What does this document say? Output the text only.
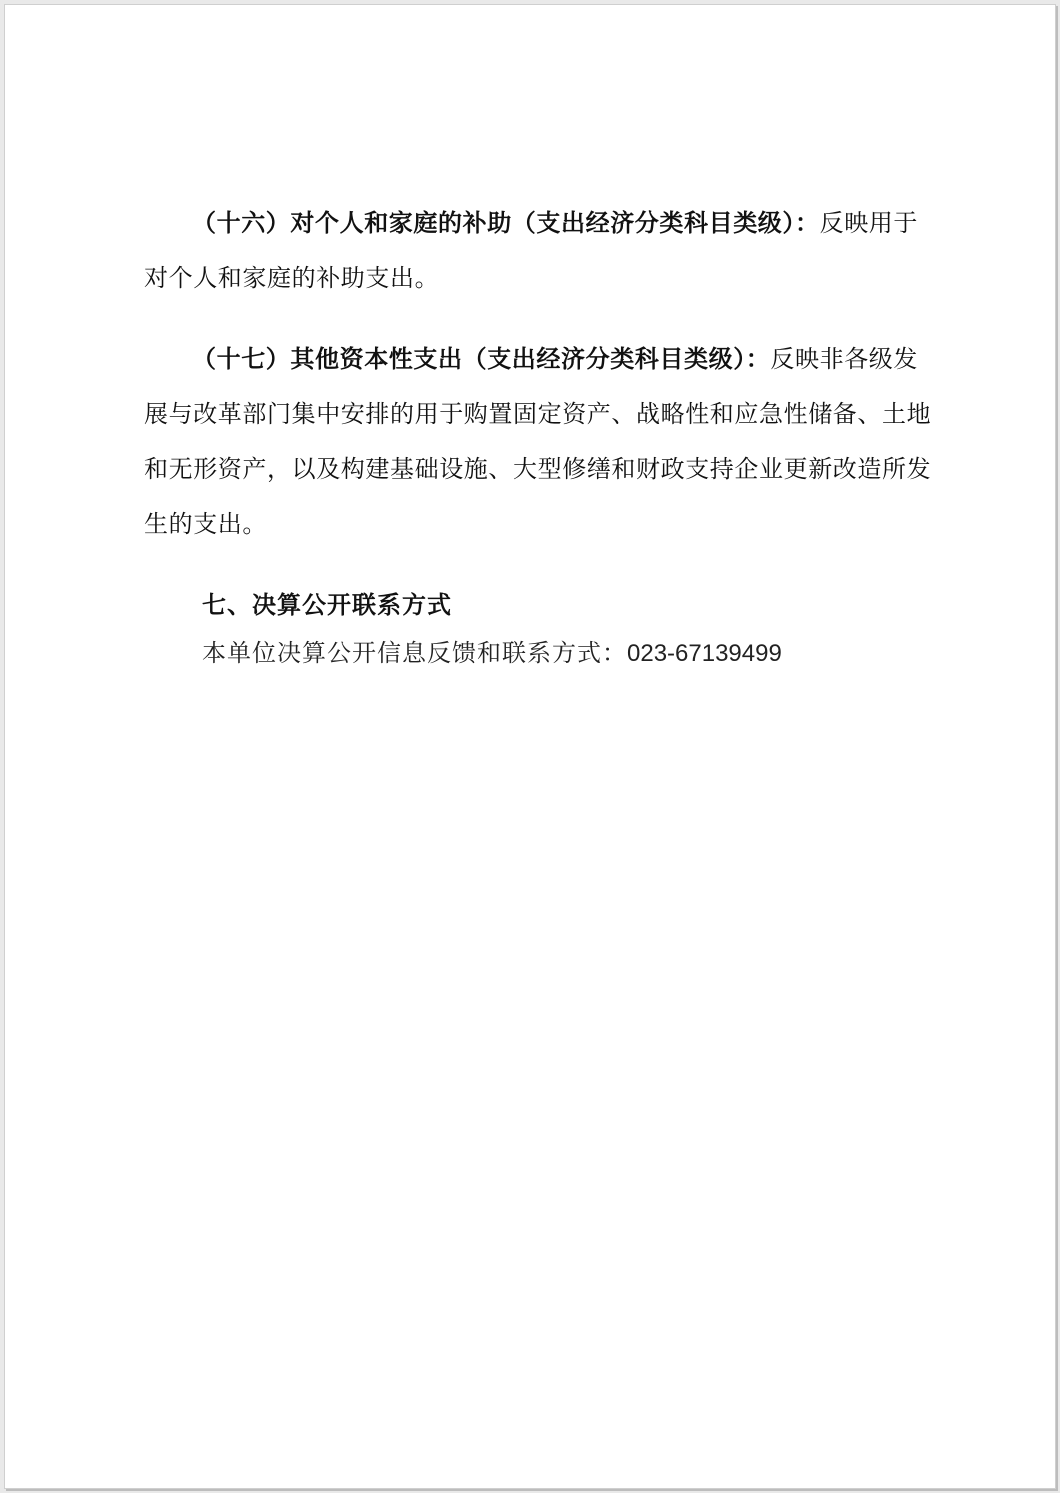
（十六）对个人和家庭的补助（支出经济分类科目类级）：反映用于对个人和家庭的补助支出。

（十七）其他资本性支出（支出经济分类科目类级）：反映非各级发展与改革部门集中安排的用于购置固定资产、战略性和应急性储备、土地和无形资产，以及构建基础设施、大型修缮和财政支持企业更新改造所发生的支出。

七、决算公开联系方式

本单位决算公开信息反馈和联系方式：023-67139499
